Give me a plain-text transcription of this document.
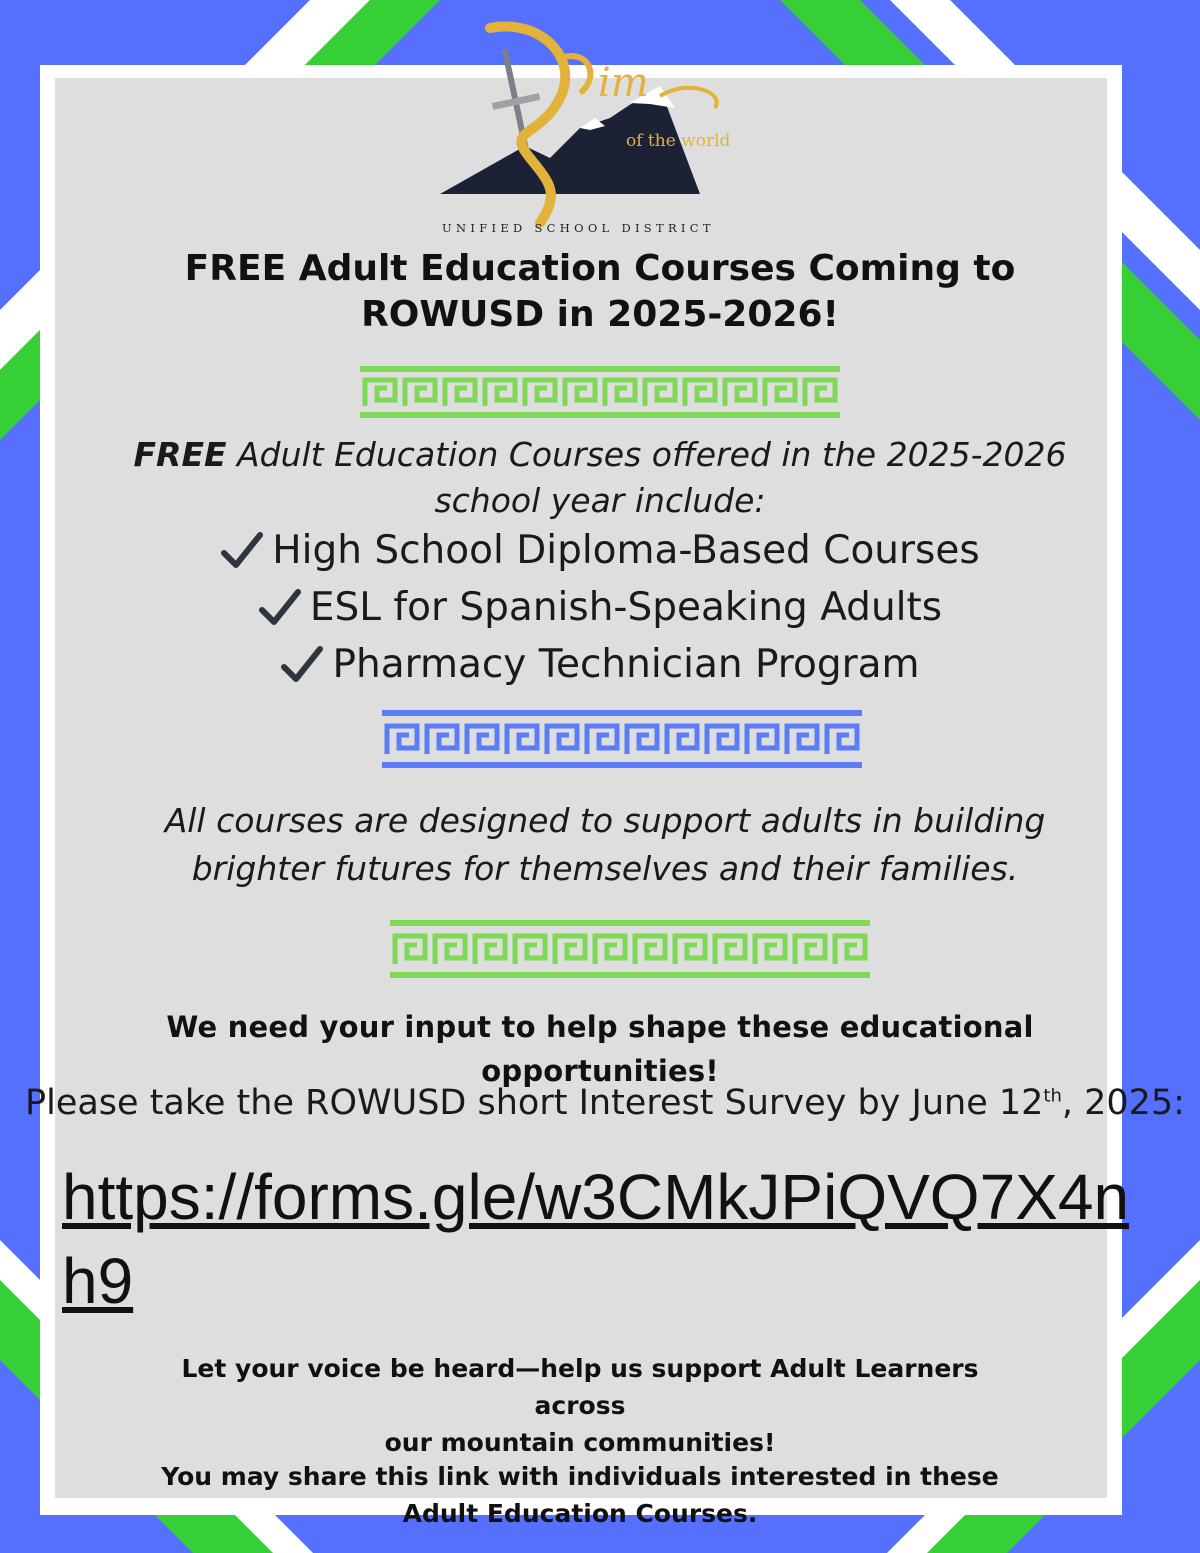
im
of the world
UNIFIED SCHOOL DISTRICT
FREE Adult Education Courses Coming to
ROWUSD in 2025-2026!
FREE Adult Education Courses offered in the 2025-2026
school year include:
High School Diploma-Based Courses
ESL for Spanish-Speaking Adults
Pharmacy Technician Program
All courses are designed to support adults in building
brighter futures for themselves and their families.
We need your input to help shape these educational opportunities!
Please take the ROWUSD short Interest Survey by June 12th, 2025:
https://forms.gle/w3CMkJPiQVQ7X4nh9
Let your voice be heard—help us support Adult Learners across
our mountain communities!
You may share this link with individuals interested in these
Adult Education Courses.
